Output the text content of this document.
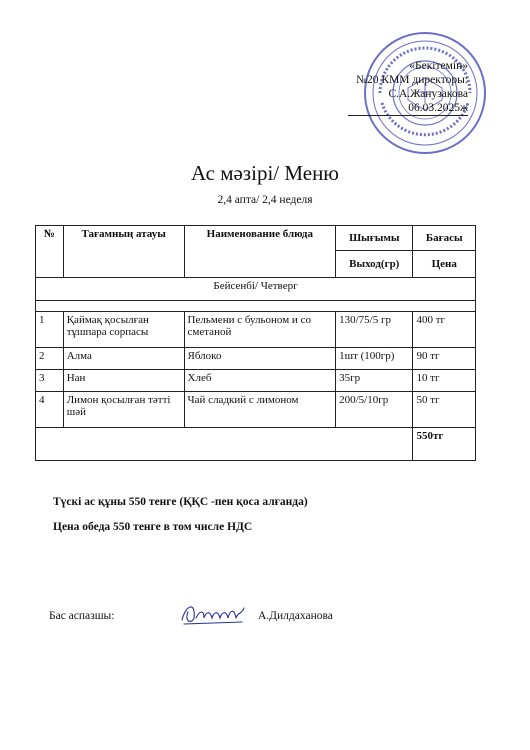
«Бекітемін»
№20 КММ директоры:
С.А.Жанузакова
06.03.2025ж
Ас мәзірі/ Меню
2,4 апта/ 2,4 неделя
№	Тағамның атауы	Наименование блюда	Шығымы	Бағасы
			Выход(гр)	Цена
Бейсенбі/ Четверг				

1	Қаймақ қосылған тұшпара сорпасы	Пельмени с бульоном и со сметаной	130/75/5 гр	400 тг
2	Алма	Яблоко	1шт (100гр)	90 тг
3	Нан	Хлеб	35гр	10 тг
4	Лимон қосылған тәтті шәй	Чай сладкий с лимоном	200/5/10гр	50 тг
				550тг
Түскі ас құны 550 тенге (ҚҚС -пен қоса алғанда)
Цена обеда 550 тенге в том числе НДС
Бас аспазшы:	А.Дилдаханова
